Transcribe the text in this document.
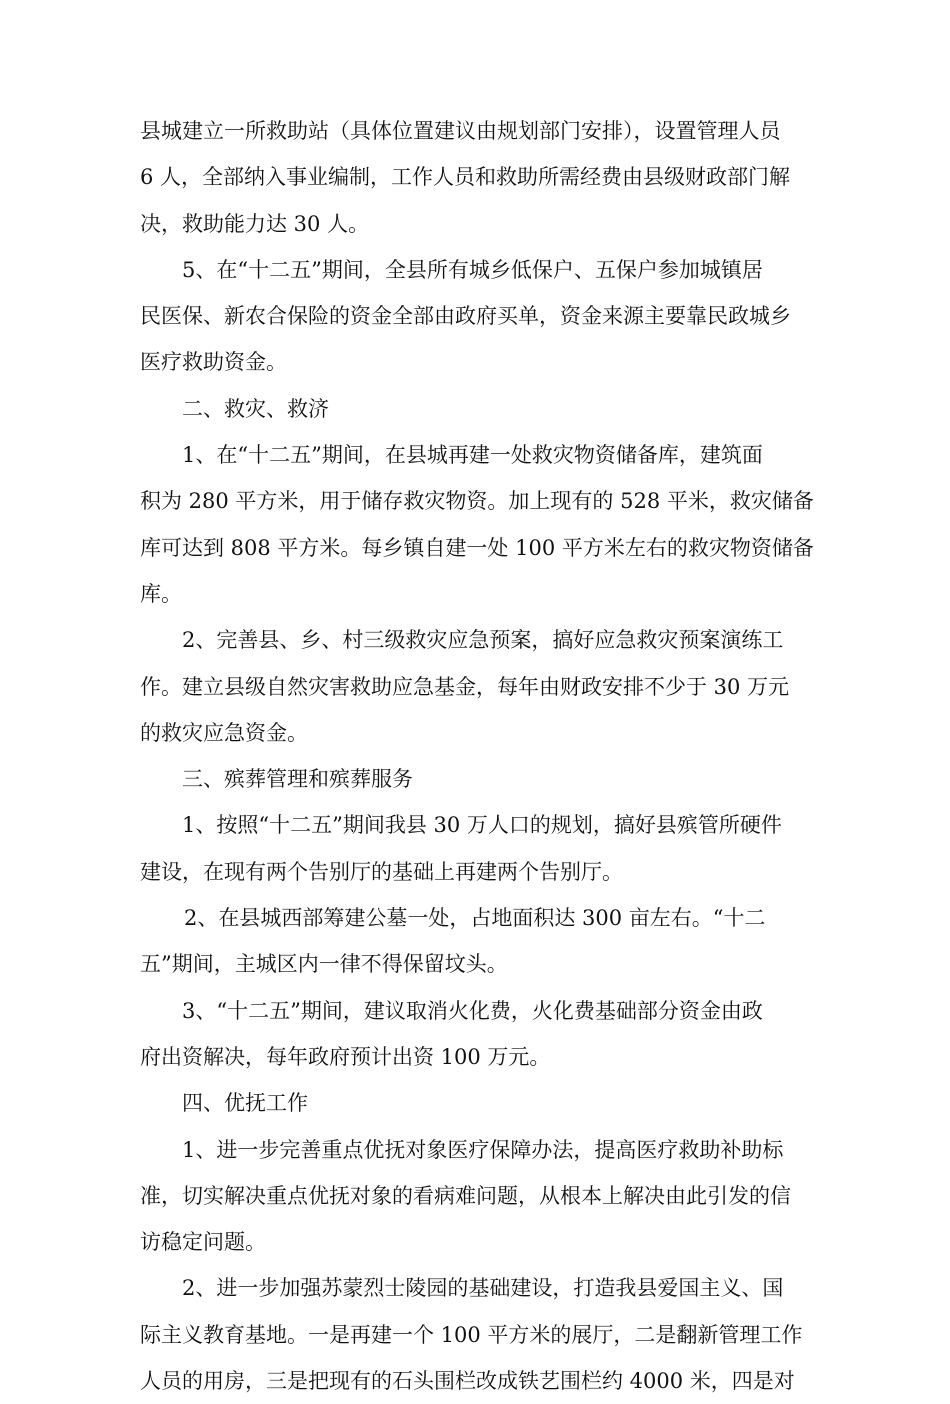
县城建立一所救助站（具体位置建议由规划部门安排），设置管理人员
6 人，全部纳入事业编制，工作人员和救助所需经费由县级财政部门解
决，救助能力达 30 人。
5、在“十二五”期间，全县所有城乡低保户、五保户参加城镇居
民医保、新农合保险的资金全部由政府买单，资金来源主要靠民政城乡
医疗救助资金。
二、救灾、救济
1、在“十二五”期间，在县城再建一处救灾物资储备库，建筑面
积为 280 平方米，用于储存救灾物资。加上现有的 528 平米，救灾储备
库可达到 808 平方米。每乡镇自建一处 100 平方米左右的救灾物资储备
库。
2、完善县、乡、村三级救灾应急预案，搞好应急救灾预案演练工
作。建立县级自然灾害救助应急基金，每年由财政安排不少于 30 万元
的救灾应急资金。
三、殡葬管理和殡葬服务
1、按照“十二五”期间我县 30 万人口的规划，搞好县殡管所硬件
建设，在现有两个告别厅的基础上再建两个告别厅。
2、在县城西部筹建公墓一处，占地面积达 300 亩左右。“十二
五”期间，主城区内一律不得保留坟头。
3、“十二五”期间，建议取消火化费，火化费基础部分资金由政
府出资解决，每年政府预计出资 100 万元。
四、优抚工作
1、进一步完善重点优抚对象医疗保障办法，提高医疗救助补助标
准，切实解决重点优抚对象的看病难问题，从根本上解决由此引发的信
访稳定问题。
2、进一步加强苏蒙烈士陵园的基础建设，打造我县爱国主义、国
际主义教育基地。一是再建一个 100 平方米的展厅，二是翻新管理工作
人员的用房，三是把现有的石头围栏改成铁艺围栏约 4000 米，四是对
